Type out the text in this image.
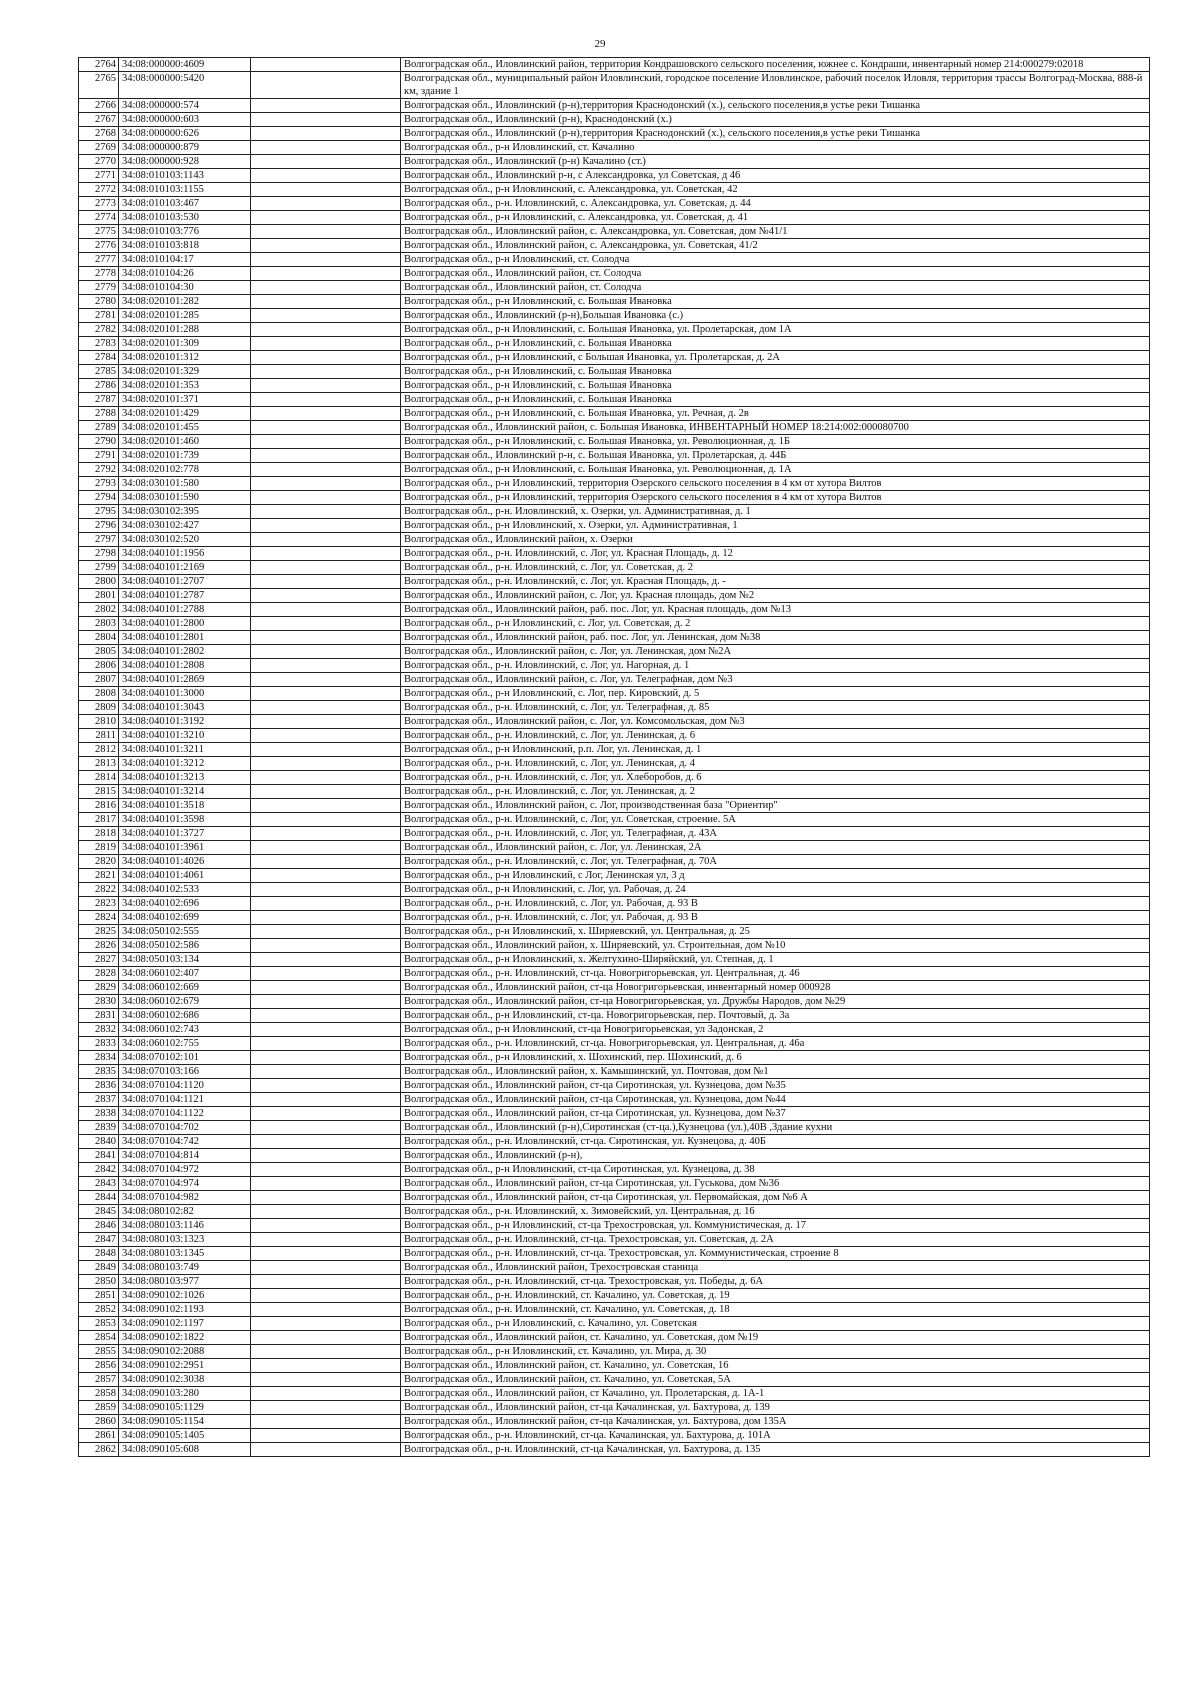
29
2764	34:08:000000:4609		Волгоградская обл., Иловлинский район, территория Кондрашовского сельского поселения, южнее с. Кондраши, инвентарный номер 214:000279:02018
2765	34:08:000000:5420		Волгоградская обл., муниципальный район Иловлинский, городское поселение Иловлинское, рабочий поселок Иловля, территория трассы Волгоград-Москва, 888-й км, здание 1
2766	34:08:000000:574		Волгоградская обл., Иловлинский (р-н),территория Краснодонский (х.), сельского поселения,в устье реки Тишанка
2767	34:08:000000:603		Волгоградская обл., Иловлинский (р-н), Краснодонский (х.)
2768	34:08:000000:626		Волгоградская обл., Иловлинский (р-н),территория Краснодонский (х.), сельского поселения,в устье реки Тишанка
2769	34:08:000000:879		Волгоградская обл., р-н Иловлинский, ст. Качалино
2770	34:08:000000:928		Волгоградская обл., Иловлинский (р-н) Качалино (ст.)
2771	34:08:010103:1143		Волгоградская обл., Иловлинский р-н, с Александровка, ул Советская, д 46
2772	34:08:010103:1155		Волгоградская обл., р-н Иловлинский, с. Александровка, ул. Советская, 42
2773	34:08:010103:467		Волгоградская обл., р-н. Иловлинский, с. Александровка, ул. Советская, д. 44
2774	34:08:010103:530		Волгоградская обл., р-н Иловлинский, с. Александровка, ул. Советская, д. 41
2775	34:08:010103:776		Волгоградская обл., Иловлинский район, с. Александровка, ул. Советская, дом №41/1
2776	34:08:010103:818		Волгоградская обл., Иловлинский район, с. Александровка, ул. Советская, 41/2
2777	34:08:010104:17		Волгоградская обл., р-н Иловлинский, ст. Солодча
2778	34:08:010104:26		Волгоградская обл., Иловлинский район, ст. Солодча
2779	34:08:010104:30		Волгоградская обл., Иловлинский район, ст. Солодча
2780	34:08:020101:282		Волгоградская обл., р-н Иловлинский, с. Большая Ивановка
2781	34:08:020101:285		Волгоградская обл., Иловлинский (р-н),Большая Ивановка (с.)
2782	34:08:020101:288		Волгоградская обл., р-н Иловлинский, с. Большая Ивановка, ул. Пролетарская, дом 1А
2783	34:08:020101:309		Волгоградская обл., р-н Иловлинский, с. Большая Ивановка
2784	34:08:020101:312		Волгоградская обл., р-н Иловлинский, с Большая Ивановка, ул. Пролетарская, д. 2А
2785	34:08:020101:329		Волгоградская обл., р-н Иловлинский, с. Большая Ивановка
2786	34:08:020101:353		Волгоградская обл., р-н Иловлинский, с. Большая Ивановка
2787	34:08:020101:371		Волгоградская обл., р-н Иловлинский, с. Большая Ивановка
2788	34:08:020101:429		Волгоградская обл., р-н Иловлинский, с. Большая Ивановка, ул. Речная, д. 2в
2789	34:08:020101:455		Волгоградская обл., Иловлинский район, с. Большая Ивановка, ИНВЕНТАРНЫЙ НОМЕР 18:214:002:000080700
2790	34:08:020101:460		Волгоградская обл., р-н Иловлинский, с. Большая Ивановка, ул. Революционная, д. 1Б
2791	34:08:020101:739		Волгоградская обл., Иловлинский р-н, с. Большая Ивановка, ул. Пролетарская, д. 44Б
2792	34:08:020102:778		Волгоградская обл., р-н Иловлинский, с. Большая Ивановка, ул. Революционная, д. 1А
2793	34:08:030101:580		Волгоградская обл., р-н Иловлинский, территория Озерского сельского поселения в 4 км от хутора Вилтов
2794	34:08:030101:590		Волгоградская обл., р-н Иловлинский, территория Озерского сельского поселения в 4 км от хутора Вилтов
2795	34:08:030102:395		Волгоградская обл., р-н. Иловлинский, х. Озерки, ул. Административная, д. 1
2796	34:08:030102:427		Волгоградская обл., р-н Иловлинский, х. Озерки, ул. Административная, 1
2797	34:08:030102:520		Волгоградская обл., Иловлинский район, х. Озерки
2798	34:08:040101:1956		Волгоградская обл., р-н. Иловлинский, с. Лог, ул. Красная Площадь, д. 12
2799	34:08:040101:2169		Волгоградская обл., р-н. Иловлинский, с. Лог, ул. Советская, д. 2
2800	34:08:040101:2707		Волгоградская обл., р-н. Иловлинский, с. Лог, ул. Красная Площадь, д. -
2801	34:08:040101:2787		Волгоградская обл., Иловлинский район, с. Лог, ул. Красная площадь, дом №2
2802	34:08:040101:2788		Волгоградская обл., Иловлинский район, раб. пос. Лог, ул. Красная площадь, дом №13
2803	34:08:040101:2800		Волгоградская обл., р-н Иловлинский, с. Лог, ул. Советская, д. 2
2804	34:08:040101:2801		Волгоградская обл., Иловлинский район, раб. пос. Лог, ул. Ленинская, дом №38
2805	34:08:040101:2802		Волгоградская обл., Иловлинский район, с. Лог, ул. Ленинская, дом №2А
2806	34:08:040101:2808		Волгоградская обл., р-н. Иловлинский, с. Лог, ул. Нагорная, д. 1
2807	34:08:040101:2869		Волгоградская обл., Иловлинский район, с. Лог, ул. Телеграфная, дом №3
2808	34:08:040101:3000		Волгоградская обл., р-н Иловлинский, с. Лог, пер. Кировский, д. 5
2809	34:08:040101:3043		Волгоградская обл., р-н. Иловлинский, с. Лог, ул. Телеграфная, д. 85
2810	34:08:040101:3192		Волгоградская обл., Иловлинский район, с. Лог, ул. Комсомольская, дом №3
2811	34:08:040101:3210		Волгоградская обл., р-н. Иловлинский, с. Лог, ул. Ленинская, д. 6
2812	34:08:040101:3211		Волгоградская обл., р-н Иловлинский, р.п. Лог, ул. Ленинская, д. 1
2813	34:08:040101:3212		Волгоградская обл., р-н. Иловлинский, с. Лог, ул. Ленинская, д. 4
2814	34:08:040101:3213		Волгоградская обл., р-н. Иловлинский, с. Лог, ул. Хлеборобов, д. 6
2815	34:08:040101:3214		Волгоградская обл., р-н. Иловлинский, с. Лог, ул. Ленинская, д. 2
2816	34:08:040101:3518		Волгоградская обл., Иловлинский район, с. Лог, производственная база "Ориентир"
2817	34:08:040101:3598		Волгоградская обл., р-н. Иловлинский, с. Лог, ул. Советская, строение. 5А
2818	34:08:040101:3727		Волгоградская обл., р-н. Иловлинский, с. Лог, ул. Телеграфная, д. 43А
2819	34:08:040101:3961		Волгоградская обл., Иловлинский район, с. Лог, ул. Ленинская, 2А
2820	34:08:040101:4026		Волгоградская обл., р-н. Иловлинский, с. Лог, ул. Телеграфная, д. 70А
2821	34:08:040101:4061		Волгоградская обл., р-н Иловлинский, с Лог, Ленинская ул, 3 д
2822	34:08:040102:533		Волгоградская обл., р-н Иловлинский, с. Лог, ул. Рабочая, д. 24
2823	34:08:040102:696		Волгоградская обл., р-н. Иловлинский, с. Лог, ул. Рабочая, д. 93 В
2824	34:08:040102:699		Волгоградская обл., р-н. Иловлинский, с. Лог, ул. Рабочая, д. 93 В
2825	34:08:050102:555		Волгоградская обл., р-н Иловлинский, х. Ширяевский, ул. Центральная, д. 25
2826	34:08:050102:586		Волгоградская обл., Иловлинский район, х. Ширяевский, ул. Строительная, дом №10
2827	34:08:050103:134		Волгоградская обл., р-н Иловлинский, х. Желтухино-Ширяйский, ул. Степная, д. 1
2828	34:08:060102:407		Волгоградская обл., р-н. Иловлинский, ст-ца. Новогригорьевская, ул. Центральная, д. 46
2829	34:08:060102:669		Волгоградская обл., Иловлинский район, ст-ца Новогригорьевская, инвентарный номер 000928
2830	34:08:060102:679		Волгоградская обл., Иловлинский район, ст-ца Новогригорьевская, ул. Дружбы Народов, дом №29
2831	34:08:060102:686		Волгоградская обл., р-н Иловлинский, ст-ца. Новогригорьевская, пер. Почтовый, д. 3а
2832	34:08:060102:743		Волгоградская обл., р-н Иловлинский, ст-ца Новогригорьевская, ул Задонская, 2
2833	34:08:060102:755		Волгоградская обл., р-н. Иловлинский, ст-ца. Новогригорьевская, ул. Центральная, д. 46а
2834	34:08:070102:101		Волгоградская обл., р-н Иловлинский, х. Шохинский, пер. Шохинский, д. 6
2835	34:08:070103:166		Волгоградская обл., Иловлинский район, х. Камышинский, ул. Почтовая, дом №1
2836	34:08:070104:1120		Волгоградская обл., Иловлинский район, ст-ца Сиротинская, ул. Кузнецова, дом №35
2837	34:08:070104:1121		Волгоградская обл., Иловлинский район, ст-ца Сиротинская, ул. Кузнецова, дом №44
2838	34:08:070104:1122		Волгоградская обл., Иловлинский район, ст-ца Сиротинская, ул. Кузнецова, дом №37
2839	34:08:070104:702		Волгоградская обл., Иловлинский (р-н),Сиротинская (ст-ца.),Кузнецова (ул.),40В ,Здание кухни
2840	34:08:070104:742		Волгоградская обл., р-н. Иловлинский, ст-ца. Сиротинская, ул. Кузнецова, д. 40Б
2841	34:08:070104:814		Волгоградская обл., Иловлинский (р-н),
2842	34:08:070104:972		Волгоградская обл., р-н Иловлинский, ст-ца Сиротинская, ул. Кузнецова, д. 38
2843	34:08:070104:974		Волгоградская обл., Иловлинский район, ст-ца Сиротинская, ул. Гуськова, дом №36
2844	34:08:070104:982		Волгоградская обл., Иловлинский район, ст-ца Сиротинская, ул. Первомайская, дом №6 А
2845	34:08:080102:82		Волгоградская обл., р-н. Иловлинский, х. Зимовейский, ул. Центральная, д. 16
2846	34:08:080103:1146		Волгоградская обл., р-н Иловлинский, ст-ца Трехостровская, ул. Коммунистическая, д. 17
2847	34:08:080103:1323		Волгоградская обл., р-н. Иловлинский, ст-ца. Трехостровская, ул. Советская, д. 2А
2848	34:08:080103:1345		Волгоградская обл., р-н. Иловлинский, ст-ца. Трехостровская, ул. Коммунистическая, строение 8
2849	34:08:080103:749		Волгоградская обл., Иловлинский район, Трехостровская станица
2850	34:08:080103:977		Волгоградская обл., р-н. Иловлинский, ст-ца. Трехостровская, ул. Победы, д. 6А
2851	34:08:090102:1026		Волгоградская обл., р-н. Иловлинский, ст. Качалино, ул. Советская, д. 19
2852	34:08:090102:1193		Волгоградская обл., р-н. Иловлинский, ст. Качалино, ул. Советская, д. 18
2853	34:08:090102:1197		Волгоградская обл., р-н Иловлинский, с. Качалино, ул. Советская
2854	34:08:090102:1822		Волгоградская обл., Иловлинский район, ст. Качалино, ул. Советская, дом №19
2855	34:08:090102:2088		Волгоградская обл., р-н Иловлинский, ст. Качалино, ул. Мира, д. 30
2856	34:08:090102:2951		Волгоградская обл., Иловлинский район, ст. Качалино, ул. Советская, 16
2857	34:08:090102:3038		Волгоградская обл., Иловлинский район, ст. Качалино, ул. Советская, 5А
2858	34:08:090103:280		Волгоградская обл., Иловлинский район, ст Качалино, ул. Пролетарская, д. 1А-1
2859	34:08:090105:1129		Волгоградская обл., Иловлинский район, ст-ца Качалинская, ул. Бахтурова, д. 139
2860	34:08:090105:1154		Волгоградская обл., Иловлинский район, ст-ца Качалинская, ул. Бахтурова, дом 135А
2861	34:08:090105:1405		Волгоградская обл., р-н. Иловлинский, ст-ца. Качалинская, ул. Бахтурова, д. 101А
2862	34:08:090105:608		Волгоградская обл., р-н. Иловлинский, ст-ца Качалинская, ул. Бахтурова, д. 135
